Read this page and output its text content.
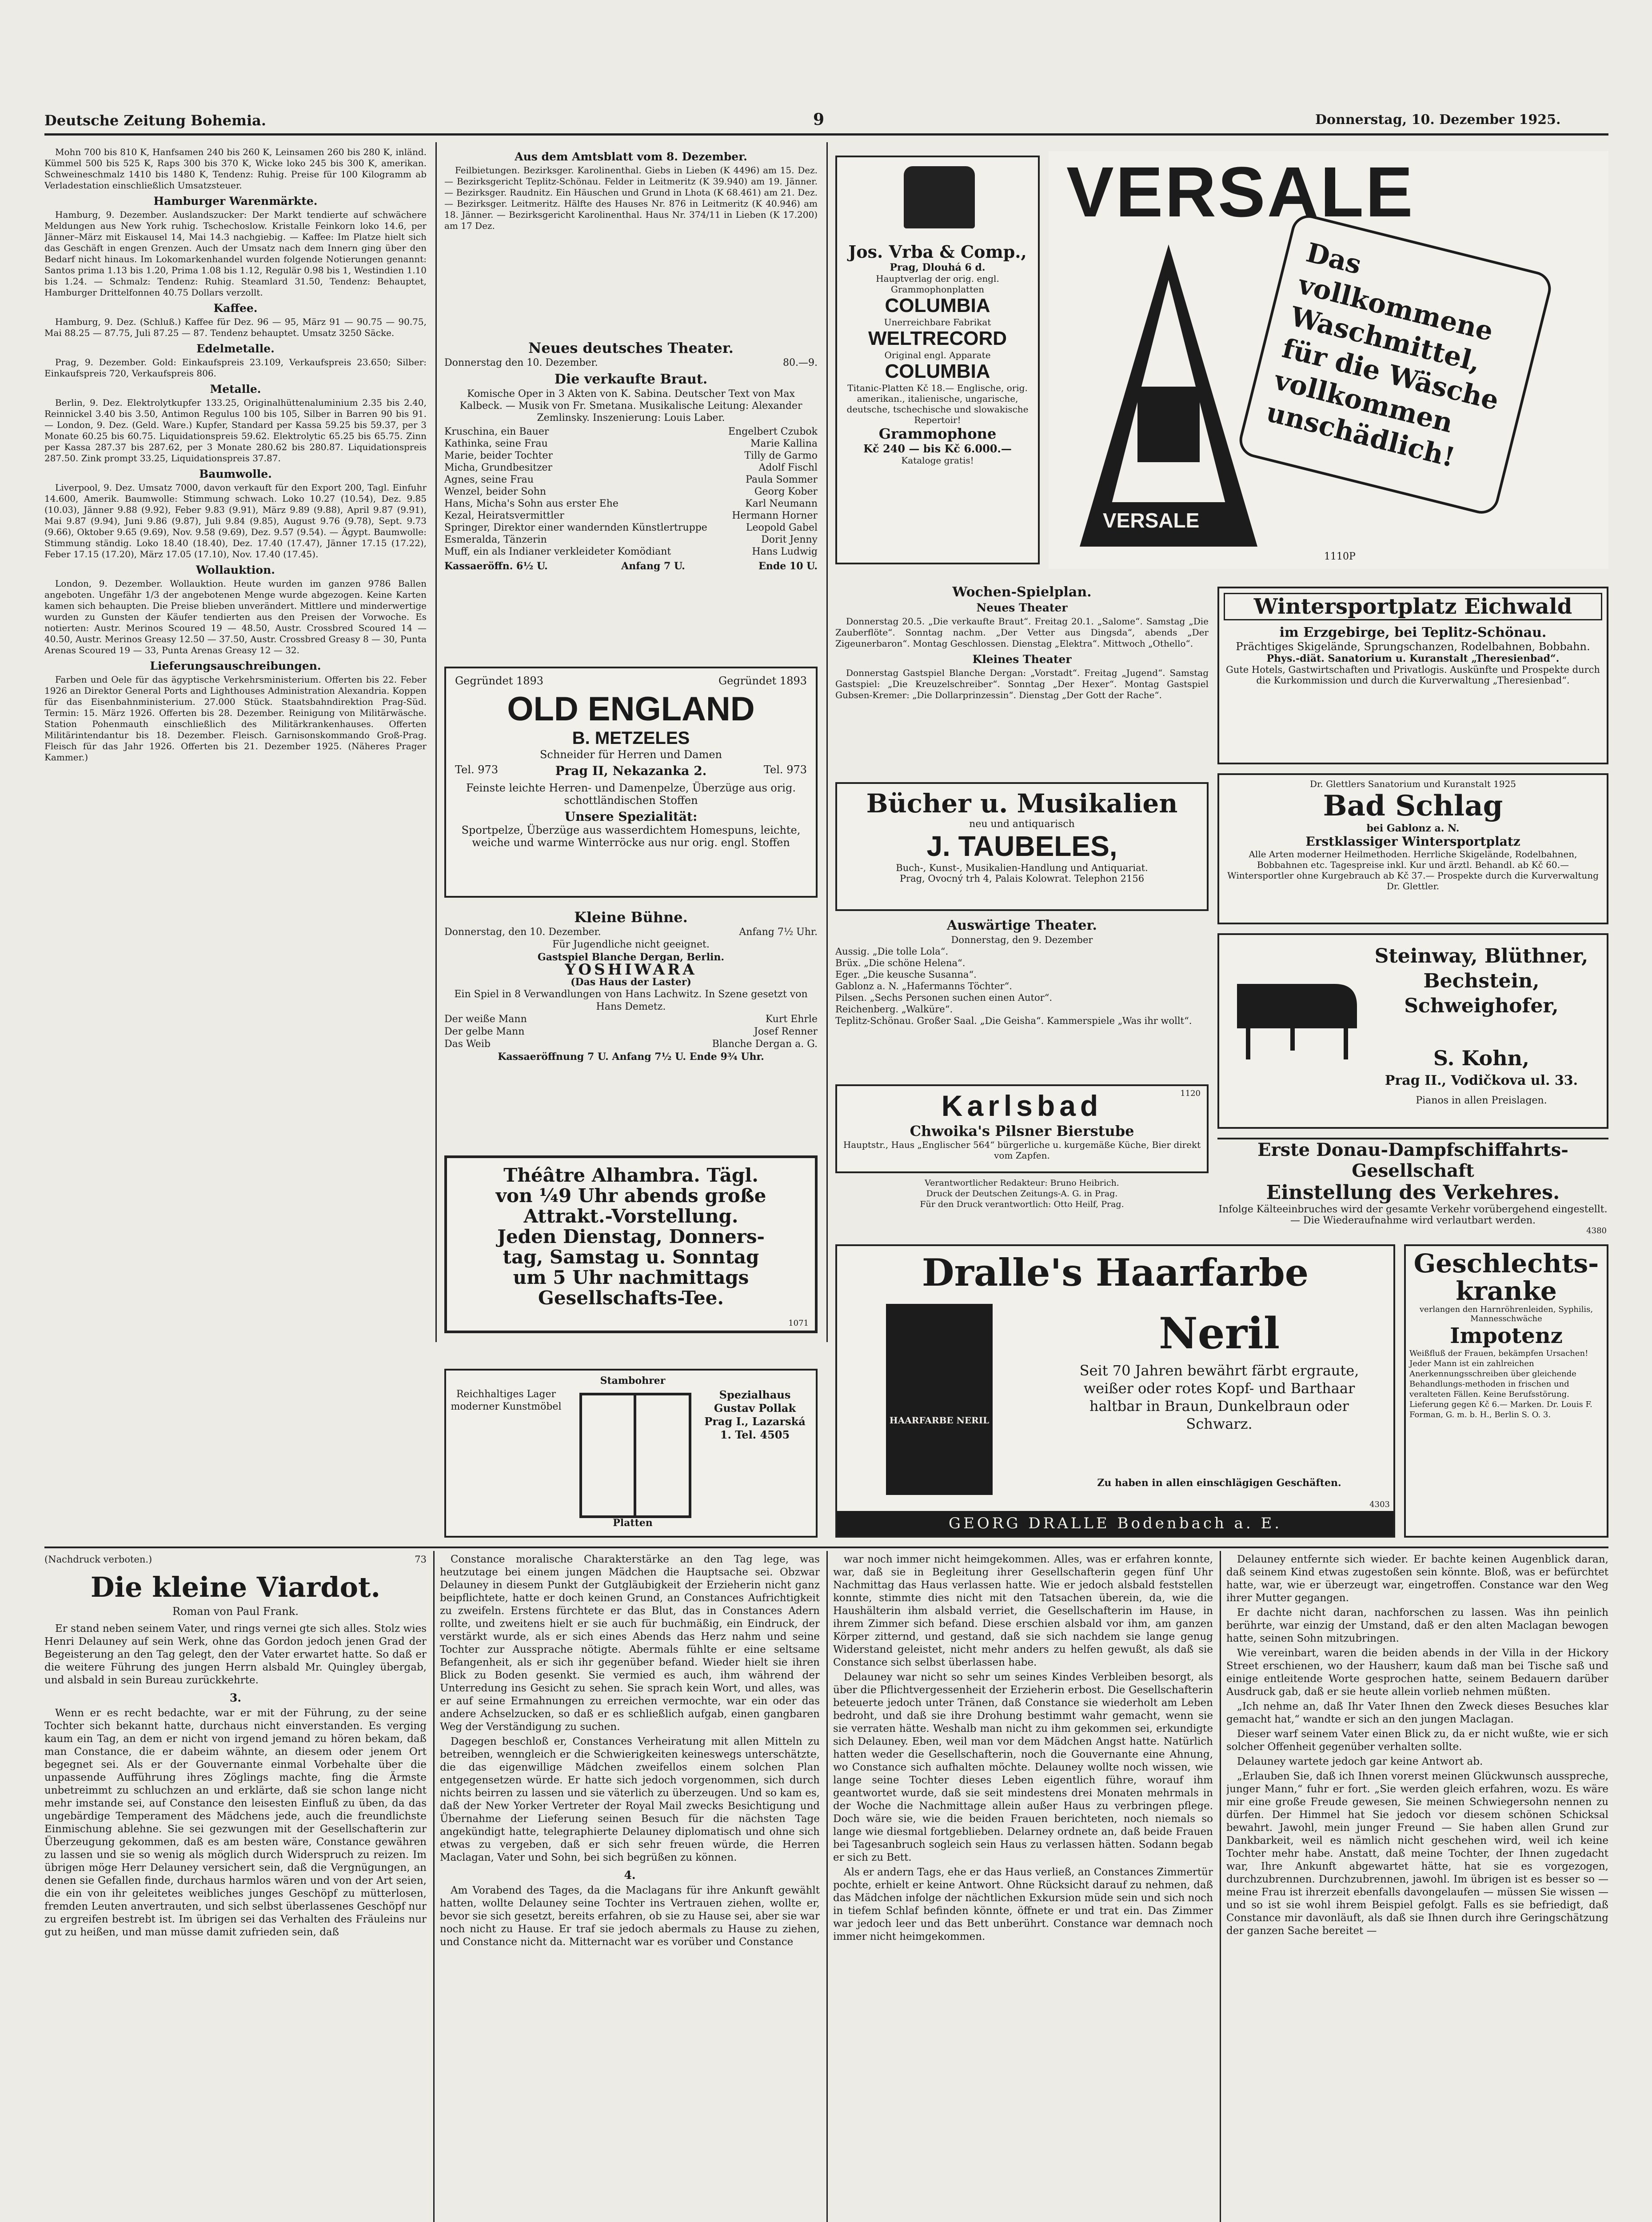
Deutsche Zeitung Bohemia.	9	Donnerstag, 10. Dezember 1925.

Mohn 700 bis 810 K, Hanfsamen 240 bis 260 K, Leinsamen 260 bis 280 K, inländ. Kümmel 500 bis 525 K, Raps 300 bis 370 K, Wicke loko 245 bis 300 K, amerikan. Schweineschmalz 1410 bis 1480 K, Tendenz: Ruhig. Preise für 100 Kilogramm ab Verladestation einschließlich Umsatzsteuer.

Hamburger Warenmärkte.

Hamburg, 9. Dezember. Auslandszucker: Der Markt tendierte auf schwächere Meldungen aus New York ruhig. Tschechoslow. Kristalle Feinkorn loko 14.6, per Jänner–März mit Eiskausel 14, Mai 14.3 nachgiebig. — Kaffee: Im Platze hielt sich das Geschäft in engen Grenzen. Auch der Umsatz nach dem Innern ging über den Bedarf nicht hinaus. Im Lokomarkenhandel wurden folgende Notierungen genannt: Santos prima 1.13 bis 1.20, Prima 1.08 bis 1.12, Regulär 0.98 bis 1, Westindien 1.10 bis 1.24. — Schmalz: Tendenz: Ruhig. Steamlard 31.50, Tendenz: Behauptet, Hamburger Drittelfonnen 40.75 Dollars verzollt.

Kaffee.

Hamburg, 9. Dez. (Schluß.) Kaffee für Dez. 96 — 95, März 91 — 90.75 — 90.75, Mai 88.25 — 87.75, Juli 87.25 — 87. Tendenz behauptet. Umsatz 3250 Säcke.

Edelmetalle.

Prag, 9. Dezember. Gold: Einkaufspreis 23.109, Verkaufspreis 23.650; Silber: Einkaufspreis 720, Verkaufspreis 806.

Metalle.

Berlin, 9. Dez. Elektrolytkupfer 133.25, Originalhüttenaluminium 2.35 bis 2.40, Reinnickel 3.40 bis 3.50, Antimon Regulus 100 bis 105, Silber in Barren 90 bis 91. — London, 9. Dez. (Geld. Ware.) Kupfer, Standard per Kassa 59.25 bis 59.37, per 3 Monate 60.25 bis 60.75. Liquidationspreis 59.62. Elektrolytic 65.25 bis 65.75. Zinn per Kassa 287.37 bis 287.62, per 3 Monate 280.62 bis 280.87. Liquidationspreis 287.50. Zink prompt 33.25, Liquidationspreis 37.87.

Baumwolle.

Liverpool, 9. Dez. Umsatz 7000, davon verkauft für den Export 200, Tagl. Einfuhr 14.600, Amerik. Baumwolle: Stimmung schwach. Loko 10.27 (10.54), Dez. 9.85 (10.03), Jänner 9.88 (9.92), Feber 9.83 (9.91), März 9.89 (9.88), April 9.87 (9.91), Mai 9.87 (9.94), Juni 9.86 (9.87), Juli 9.84 (9.85), August 9.76 (9.78), Sept. 9.73 (9.66), Oktober 9.65 (9.69), Nov. 9.58 (9.69), Dez. 9.57 (9.54). — Ägypt. Baumwolle: Stimmung ständig. Loko 18.40 (18.40), Dez. 17.40 (17.47), Jänner 17.15 (17.22), Feber 17.15 (17.20), März 17.05 (17.10), Nov. 17.40 (17.45).

Wollauktion.

London, 9. Dezember. Wollauktion. Heute wurden im ganzen 9786 Ballen angeboten. Ungefähr 1/3 der angebotenen Menge wurde abgezogen. Keine Karten kamen sich behaupten. Die Preise blieben unverändert. Mittlere und minderwertige wurden zu Gunsten der Käufer tendierten aus den Preisen der Vorwoche. Es notierten: Austr. Merinos Scoured 19 — 48.50, Austr. Crossbred Scoured 14 — 40.50, Austr. Merinos Greasy 12.50 — 37.50, Austr. Crossbred Greasy 8 — 30, Punta Arenas Scoured 19 — 33, Punta Arenas Greasy 12 — 32.

Lieferungsauschreibungen.

Farben und Oele für das ägyptische Verkehrsministerium. Offerten bis 22. Feber 1926 an Direktor General Ports and Lighthouses Administration Alexandria. Koppen für das Eisenbahnministerium. 27.000 Stück. Staatsbahndirektion Prag-Süd. Termin: 15. März 1926. Offerten bis 28. Dezember. Reinigung von Militärwäsche. Station Pohenmauth einschließlich des Militärkrankenhauses. Offerten Militärintendantur bis 18. Dezember. Fleisch. Garnisonskommando Groß-Prag. Fleisch für das Jahr 1926. Offerten bis 21. Dezember 1925. (Näheres Prager Kammer.)

Aus dem Amtsblatt vom 8. Dezember.

Feilbietungen. Bezirksger. Karolinenthal. Giebs in Lieben (K 4496) am 15. Dez. — Bezirksgericht Teplitz-Schönau. Felder in Leitmeritz (K 39.940) am 19. Jänner. — Bezirksger. Raudnitz. Ein Häuschen und Grund in Lhota (K 68.461) am 21. Dez. — Bezirksger. Leitmeritz. Hälfte des Hauses Nr. 876 in Leitmeritz (K 40.946) am 18. Jänner. — Bezirksgericht Karolinenthal. Haus Nr. 374/11 in Lieben (K 17.200) am 17 Dez.

Neues deutsches Theater.
Donnerstag den 10. Dezember.	80.—9.
Die verkaufte Braut.

Komische Oper in 3 Akten von K. Sabina. Deutscher Text von Max Kalbeck. — Musik von Fr. Smetana. Musikalische Leitung: Alexander Zemlinsky. Inszenierung: Louis Laber.

Kruschina, ein Bauer	Engelbert Czubok
Kathinka, seine Frau	Marie Kallina
Marie, beider Tochter	Tilly de Garmo
Micha, Grundbesitzer	Adolf Fischl
Agnes, seine Frau	Paula Sommer
Wenzel, beider Sohn	Georg Kober
Hans, Micha's Sohn aus erster Ehe	Karl Neumann
Kezal, Heiratsvermittler	Hermann Horner
Springer, Direktor einer wandernden Künstlertruppe	Leopold Gabel
Esmeralda, Tänzerin	Dorit Jenny
Muff, ein als Indianer verkleideter Komödiant	Hans Ludwig
Kassaeröffn. 6½ U.	Anfang 7 U.	Ende 10 U.
Gegründet 1893	Gegründet 1893
OLD ENGLAND
B. METZELES
Schneider für Herren und Damen
Tel. 973	Prag II, Nekazanka 2.	Tel. 973
Feinste leichte Herren- und Damenpelze, Überzüge aus orig. schottländischen Stoffen
Unsere Spezialität:
Sportpelze, Überzüge aus wasserdichtem Homespuns, leichte, weiche und warme Winterröcke aus nur orig. engl. Stoffen
Kleine Bühne.
Donnerstag, den 10. Dezember.	Anfang 7½ Uhr.
Für Jugendliche nicht geeignet.
Gastspiel Blanche Dergan, Berlin.
YOSHIWARA
(Das Haus der Laster)
Ein Spiel in 8 Verwandlungen von Hans Lachwitz. In Szene gesetzt von Hans Demetz.
Der weiße Mann	Kurt Ehrle
Der gelbe Mann	Josef Renner
Das Weib	Blanche Dergan a. G.
Kassaeröffnung 7 U. Anfang 7½ U. Ende 9¾ Uhr.
Théâtre Alhambra. Tägl.
von ¼9 Uhr abends große
Attrakt.-Vorstellung.
Jeden Dienstag, Donners-
tag, Samstag u. Sonntag
um 5 Uhr nachmittags
Gesellschafts-Tee.
1071
Jos. Vrba & Comp.,
Prag, Dlouhá 6 d.
Hauptverlag der orig. engl. Grammophonplatten
COLUMBIA
Unerreichbare Fabrikat
WELTRECORD
Original engl. Apparate
COLUMBIA
Titanic-Platten Kč 18.— Englische, orig. amerikan., italienische, ungarische, deutsche, tschechische und slowakische Repertoir!
Grammophone
Kč 240 — bis Kč 6.000.—
Kataloge gratis!
VERSALE
VERSALE
Das vollkommene Waschmittel, für die Wäsche vollkommen unschädlich!
1110P
Wochen-Spielplan.
Neues Theater

Donnerstag 20.5. „Die verkaufte Braut“. Freitag 20.1. „Salome“. Samstag „Die Zauberflöte“. Sonntag nachm. „Der Vetter aus Dingsda“, abends „Der Zigeunerbaron“. Montag Geschlossen. Dienstag „Elektra“. Mittwoch „Othello“.

Kleines Theater

Donnerstag Gastspiel Blanche Dergan: „Vorstadt“. Freitag „Jugend“. Samstag Gastspiel: „Die Kreuzelschreiber“. Sonntag „Der Hexer“. Montag Gastspiel Gubsen-Kremer: „Die Dollarprinzessin“. Dienstag „Der Gott der Rache“.

Bücher u. Musikalien
neu und antiquarisch
J. TAUBELES,
Buch-, Kunst-, Musikalien-Handlung und Antiquariat.
Prag, Ovocný trh 4, Palais Kolowrat. Telephon 2156
Auswärtige Theater.
Donnerstag, den 9. Dezember
Aussig. „Die tolle Lola“.
Brüx. „Die schöne Helena“.
Eger. „Die keusche Susanna“.
Gablonz a. N. „Hafermanns Töchter“.
Pilsen. „Sechs Personen suchen einen Autor“.
Reichenberg. „Walküre“.
Teplitz-Schönau. Großer Saal. „Die Geisha“. Kammerspiele „Was ihr wollt“.
Karlsbad	1120
Chwoika's Pilsner Bierstube
Hauptstr., Haus „Englischer 564“ bürgerliche u. kurgemäße Küche, Bier direkt vom Zapfen.
Verantwortlicher Redakteur: Bruno Heibrich.
Druck der Deutschen Zeitungs-A. G. in Prag.
Für den Druck verantwortlich: Otto Heilf, Prag.
Wintersportplatz Eichwald
im Erzgebirge, bei Teplitz-Schönau.
Prächtiges Skigelände, Sprungschanzen, Rodelbahnen, Bobbahn.
Phys.-diät. Sanatorium u. Kuranstalt „Theresienbad“.
Gute Hotels, Gastwirtschaften und Privatlogis. Auskünfte und Prospekte durch die Kurkommission und durch die Kurverwaltung „Theresienbad“.
Dr. Glettlers Sanatorium und Kuranstalt 1925
Bad Schlag
bei Gablonz a. N.
Erstklassiger Wintersportplatz
Alle Arten moderner Heilmethoden. Herrliche Skigelände, Rodelbahnen, Bobbahnen etc. Tagespreise inkl. Kur und ärztl. Behandl. ab Kč 60.— Wintersportler ohne Kurgebrauch ab Kč 37.— Prospekte durch die Kurverwaltung Dr. Glettler.
Steinway, Blüthner, Bechstein, Schweighofer,
S. Kohn,
Prag II., Vodičkova ul. 33.
Pianos in allen Preislagen.
Erste Donau-Dampfschiffahrts-Gesellschaft
Einstellung des Verkehres.
Infolge Kälteeinbruches wird der gesamte Verkehr vorübergehend eingestellt. — Die Wiederaufnahme wird verlautbart werden.
4380
Reichhaltiges Lager moderner Kunstmöbel
Stambohrer
Platten
Spezialhaus Gustav Pollak Prag I., Lazarská 1. Tel. 4505
Dralle's Haarfarbe
HAARFARBE NERIL
Neril
Seit 70 Jahren bewährt färbt ergraute, weißer oder rotes Kopf- und Barthaar haltbar in Braun, Dunkelbraun oder Schwarz.
Zu haben in allen einschlägigen Geschäften.
GEORG DRALLE Bodenbach a. E.
4303
Geschlechts-
kranke
verlangen den Harnröhrenleiden, Syphilis, Mannesschwäche
Impotenz
Weißfluß der Frauen, bekämpfen Ursachen! Jeder Mann ist ein zahlreichen Anerkennungsschreiben über gleichende Behandlungs-methoden in frischen und veralteten Fällen. Keine Berufsstörung. Lieferung gegen Kč 6.— Marken. Dr. Louis F. Forman, G. m. b. H., Berlin S. O. 3.
(Nachdruck verboten.)	73
Die kleine Viardot.
Roman von Paul Frank.

Er stand neben seinem Vater, und rings vernei gte sich alles. Stolz wies Henri Delauney auf sein Werk, ohne das Gordon jedoch jenen Grad der Begeisterung an den Tag gelegt, den der Vater erwartet hatte. So daß er die weitere Führung des jungen Herrn alsbald Mr. Quingley übergab, und alsbald in sein Bureau zurückkehrte.

3.

Wenn er es recht bedachte, war er mit der Führung, zu der seine Tochter sich bekannt hatte, durchaus nicht einverstanden. Es verging kaum ein Tag, an dem er nicht von irgend jemand zu hören bekam, daß man Constance, die er dabeim wähnte, an diesem oder jenem Ort begegnet sei. Als er der Gouvernante einmal Vorbehalte über die unpassende Aufführung ihres Zöglings machte, fing die Ärmste unbetreimmt zu schluchzen an und erklärte, daß sie schon lange nicht mehr imstande sei, auf Constance den leisesten Einfluß zu üben, da das ungebärdige Temperament des Mädchens jede, auch die freundlichste Einmischung ablehne. Sie sei gezwungen mit der Gesellschafterin zur Überzeugung gekommen, daß es am besten wäre, Constance gewähren zu lassen und sie so wenig als möglich durch Widerspruch zu reizen. Im übrigen möge Herr Delauney versichert sein, daß die Vergnügungen, an denen sie Gefallen finde, durchaus harmlos wären und von der Art seien, die ein von ihr geleitetes weibliches junges Geschöpf zu mütterlosen, fremden Leuten anvertrauten, und sich selbst überlassenes Geschöpf nur zu ergreifen bestrebt ist. Im übrigen sei das Verhalten des Fräuleins nur gut zu heißen, und man müsse damit zufrieden sein, daß

Constance moralische Charakterstärke an den Tag lege, was heutzutage bei einem jungen Mädchen die Hauptsache sei. Obzwar Delauney in diesem Punkt der Gutgläubigkeit der Erzieherin nicht ganz beipflichtete, hatte er doch keinen Grund, an Constances Aufrichtigkeit zu zweifeln. Erstens fürchtete er das Blut, das in Constances Adern rollte, und zweitens hielt er sie auch für buchmäßig, ein Eindruck, der verstärkt wurde, als er sich eines Abends das Herz nahm und seine Tochter zur Aussprache nötigte. Abermals fühlte er eine seltsame Befangenheit, als er sich ihr gegenüber befand. Wieder hielt sie ihren Blick zu Boden gesenkt. Sie vermied es auch, ihm während der Unterredung ins Gesicht zu sehen. Sie sprach kein Wort, und alles, was er auf seine Ermahnungen zu erreichen vermochte, war ein oder das andere Achselzucken, so daß er es schließlich aufgab, einen gangbaren Weg der Verständigung zu suchen.

Dagegen beschloß er, Constances Verheiratung mit allen Mitteln zu betreiben, wenngleich er die Schwierigkeiten keineswegs unterschätzte, die das eigenwillige Mädchen zweifellos einem solchen Plan entgegensetzen würde. Er hatte sich jedoch vorgenommen, sich durch nichts beirren zu lassen und sie väterlich zu überzeugen. Und so kam es, daß der New Yorker Vertreter der Royal Mail zwecks Besichtigung und Übernahme der Lieferung seinen Besuch für die nächsten Tage angekündigt hatte, telegraphierte Delauney diplomatisch und ohne sich etwas zu vergeben, daß er sich sehr freuen würde, die Herren Maclagan, Vater und Sohn, bei sich begrüßen zu können.

4.

Am Vorabend des Tages, da die Maclagans für ihre Ankunft gewählt hatten, wollte Delauney seine Tochter ins Vertrauen ziehen, wollte er, bevor sie sich gesetzt, bereits erfahren, ob sie zu Hause sei, aber sie war noch nicht zu Hause. Er traf sie jedoch abermals zu Hause zu ziehen, und Constance nicht da. Mitternacht war es vorüber und Constance

war noch immer nicht heimgekommen. Alles, was er erfahren konnte, war, daß sie in Begleitung ihrer Gesellschafterin gegen fünf Uhr Nachmittag das Haus verlassen hatte. Wie er jedoch alsbald feststellen konnte, stimmte dies nicht mit den Tatsachen überein, da, wie die Haushälterin ihm alsbald verriet, die Gesellschafterin im Hause, in ihrem Zimmer sich befand. Diese erschien alsbald vor ihm, am ganzen Körper zitternd, und gestand, daß sie sich nachdem sie lange genug Widerstand geleistet, nicht mehr anders zu helfen gewußt, als daß sie Constance sich selbst überlassen habe.

Delauney war nicht so sehr um seines Kindes Verbleiben besorgt, als über die Pflichtvergessenheit der Erzieherin erbost. Die Gesellschafterin beteuerte jedoch unter Tränen, daß Constance sie wiederholt am Leben bedroht, und daß sie ihre Drohung bestimmt wahr gemacht, wenn sie sie verraten hätte. Weshalb man nicht zu ihm gekommen sei, erkundigte sich Delauney. Eben, weil man vor dem Mädchen Angst hatte. Natürlich hatten weder die Gesellschafterin, noch die Gouvernante eine Ahnung, wo Constance sich aufhalten möchte. Delauney wollte noch wissen, wie lange seine Tochter dieses Leben eigentlich führe, worauf ihm geantwortet wurde, daß sie seit mindestens drei Monaten mehrmals in der Woche die Nachmittage allein außer Haus zu verbringen pflege. Doch wäre sie, wie die beiden Frauen berichteten, noch niemals so lange wie diesmal fortgeblieben. Delarney ordnete an, daß beide Frauen bei Tagesanbruch sogleich sein Haus zu verlassen hätten. Sodann begab er sich zu Bett.

Als er andern Tags, ehe er das Haus verließ, an Constances Zimmertür pochte, erhielt er keine Antwort. Ohne Rücksicht darauf zu nehmen, daß das Mädchen infolge der nächtlichen Exkursion müde sein und sich noch in tiefem Schlaf befinden könnte, öffnete er und trat ein. Das Zimmer war jedoch leer und das Bett unberührt. Constance war demnach noch immer nicht heimgekommen.

Delauney entfernte sich wieder. Er bachte keinen Augenblick daran, daß seinem Kind etwas zugestoßen sein könnte. Bloß, was er befürchtet hatte, war, wie er überzeugt war, eingetroffen. Constance war den Weg ihrer Mutter gegangen.

Er dachte nicht daran, nachforschen zu lassen. Was ihn peinlich berührte, war einzig der Umstand, daß er den alten Maclagan bewogen hatte, seinen Sohn mitzubringen.

Wie vereinbart, waren die beiden abends in der Villa in der Hickory Street erschienen, wo der Hausherr, kaum daß man bei Tische saß und einige entleitende Worte gesprochen hatte, seinem Bedauern darüber Ausdruck gab, daß er sie heute allein vorlieb nehmen müßten.

„Ich nehme an, daß Ihr Vater Ihnen den Zweck dieses Besuches klar gemacht hat,“ wandte er sich an den jungen Maclagan.

Dieser warf seinem Vater einen Blick zu, da er nicht wußte, wie er sich solcher Offenheit gegenüber verhalten sollte.

Delauney wartete jedoch gar keine Antwort ab.

„Erlauben Sie, daß ich Ihnen vorerst meinen Glückwunsch ausspreche, junger Mann,“ fuhr er fort. „Sie werden gleich erfahren, wozu. Es wäre mir eine große Freude gewesen, Sie meinen Schwiegersohn nennen zu dürfen. Der Himmel hat Sie jedoch vor diesem schönen Schicksal bewahrt. Jawohl, mein junger Freund — Sie haben allen Grund zur Dankbarkeit, weil es nämlich nicht geschehen wird, weil ich keine Tochter mehr habe. Anstatt, daß meine Tochter, der Ihnen zugedacht war, Ihre Ankunft abgewartet hätte, hat sie es vorgezogen, durchzubrennen. Durchzubrennen, jawohl. Im übrigen ist es besser so — meine Frau ist ihrerzeit ebenfalls davongelaufen — müssen Sie wissen — und so ist sie wohl ihrem Beispiel gefolgt. Falls es sie befriedigt, daß Constance mir davonläuft, als daß sie Ihnen durch ihre Geringschätzung der ganzen Sache bereitet —
